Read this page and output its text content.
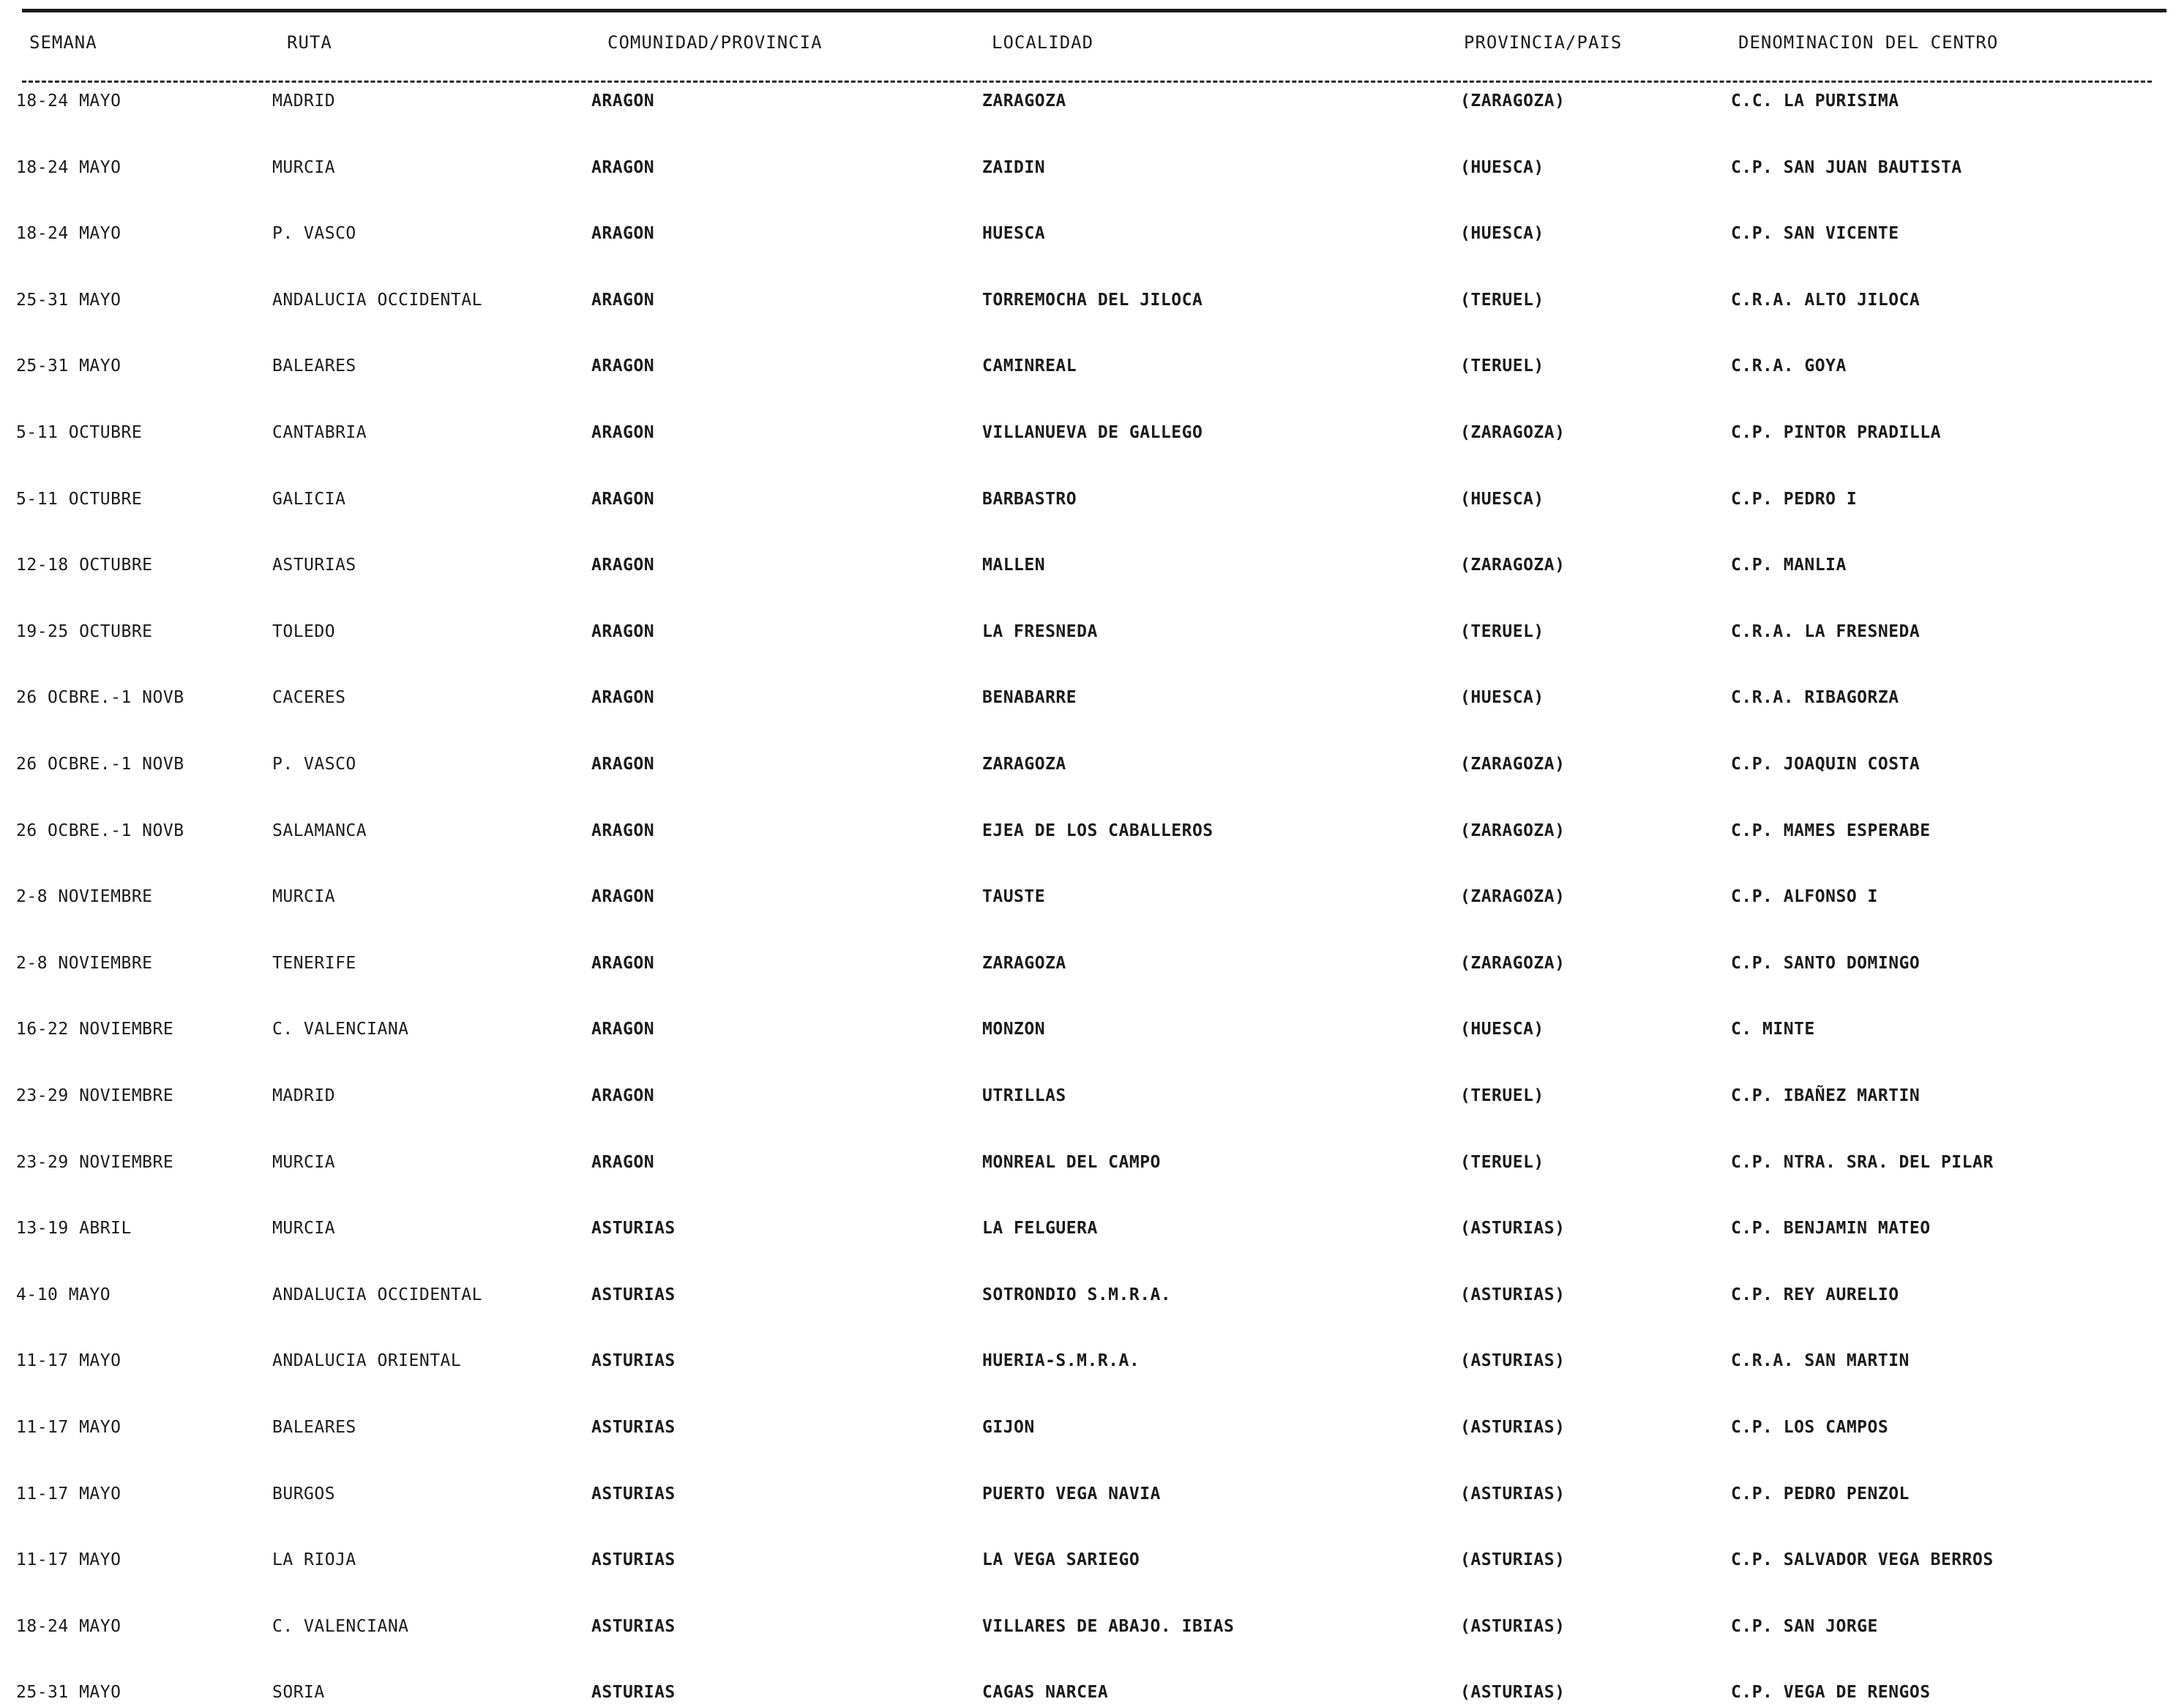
SEMANA	RUTA	COMUNIDAD/PROVINCIA	LOCALIDAD	PROVINCIA/PAIS	DENOMINACION DEL CENTRO
18-24 MAYO	MADRID	ARAGON	ZARAGOZA	(ZARAGOZA)	C.C. LA PURISIMA
18-24 MAYO	MURCIA	ARAGON	ZAIDIN	(HUESCA)	C.P. SAN JUAN BAUTISTA
18-24 MAYO	P. VASCO	ARAGON	HUESCA	(HUESCA)	C.P. SAN VICENTE
25-31 MAYO	ANDALUCIA OCCIDENTAL	ARAGON	TORREMOCHA DEL JILOCA	(TERUEL)	C.R.A. ALTO JILOCA
25-31 MAYO	BALEARES	ARAGON	CAMINREAL	(TERUEL)	C.R.A. GOYA
5-11 OCTUBRE	CANTABRIA	ARAGON	VILLANUEVA DE GALLEGO	(ZARAGOZA)	C.P. PINTOR PRADILLA
5-11 OCTUBRE	GALICIA	ARAGON	BARBASTRO	(HUESCA)	C.P. PEDRO I
12-18 OCTUBRE	ASTURIAS	ARAGON	MALLEN	(ZARAGOZA)	C.P. MANLIA
19-25 OCTUBRE	TOLEDO	ARAGON	LA FRESNEDA	(TERUEL)	C.R.A. LA FRESNEDA
26 OCBRE.-1 NOVB	CACERES	ARAGON	BENABARRE	(HUESCA)	C.R.A. RIBAGORZA
26 OCBRE.-1 NOVB	P. VASCO	ARAGON	ZARAGOZA	(ZARAGOZA)	C.P. JOAQUIN COSTA
26 OCBRE.-1 NOVB	SALAMANCA	ARAGON	EJEA DE LOS CABALLEROS	(ZARAGOZA)	C.P. MAMES ESPERABE
2-8 NOVIEMBRE	MURCIA	ARAGON	TAUSTE	(ZARAGOZA)	C.P. ALFONSO I
2-8 NOVIEMBRE	TENERIFE	ARAGON	ZARAGOZA	(ZARAGOZA)	C.P. SANTO DOMINGO
16-22 NOVIEMBRE	C. VALENCIANA	ARAGON	MONZON	(HUESCA)	C. MINTE
23-29 NOVIEMBRE	MADRID	ARAGON	UTRILLAS	(TERUEL)	C.P. IBAÑEZ MARTIN
23-29 NOVIEMBRE	MURCIA	ARAGON	MONREAL DEL CAMPO	(TERUEL)	C.P. NTRA. SRA. DEL PILAR
13-19 ABRIL	MURCIA	ASTURIAS	LA FELGUERA	(ASTURIAS)	C.P. BENJAMIN MATEO
4-10 MAYO	ANDALUCIA OCCIDENTAL	ASTURIAS	SOTRONDIO S.M.R.A.	(ASTURIAS)	C.P. REY AURELIO
11-17 MAYO	ANDALUCIA ORIENTAL	ASTURIAS	HUERIA-S.M.R.A.	(ASTURIAS)	C.R.A. SAN MARTIN
11-17 MAYO	BALEARES	ASTURIAS	GIJON	(ASTURIAS)	C.P. LOS CAMPOS
11-17 MAYO	BURGOS	ASTURIAS	PUERTO VEGA NAVIA	(ASTURIAS)	C.P. PEDRO PENZOL
11-17 MAYO	LA RIOJA	ASTURIAS	LA VEGA SARIEGO	(ASTURIAS)	C.P. SALVADOR VEGA BERROS
18-24 MAYO	C. VALENCIANA	ASTURIAS	VILLARES DE ABAJO. IBIAS	(ASTURIAS)	C.P. SAN JORGE
25-31 MAYO	SORIA	ASTURIAS	CAGAS NARCEA	(ASTURIAS)	C.P. VEGA DE RENGOS
